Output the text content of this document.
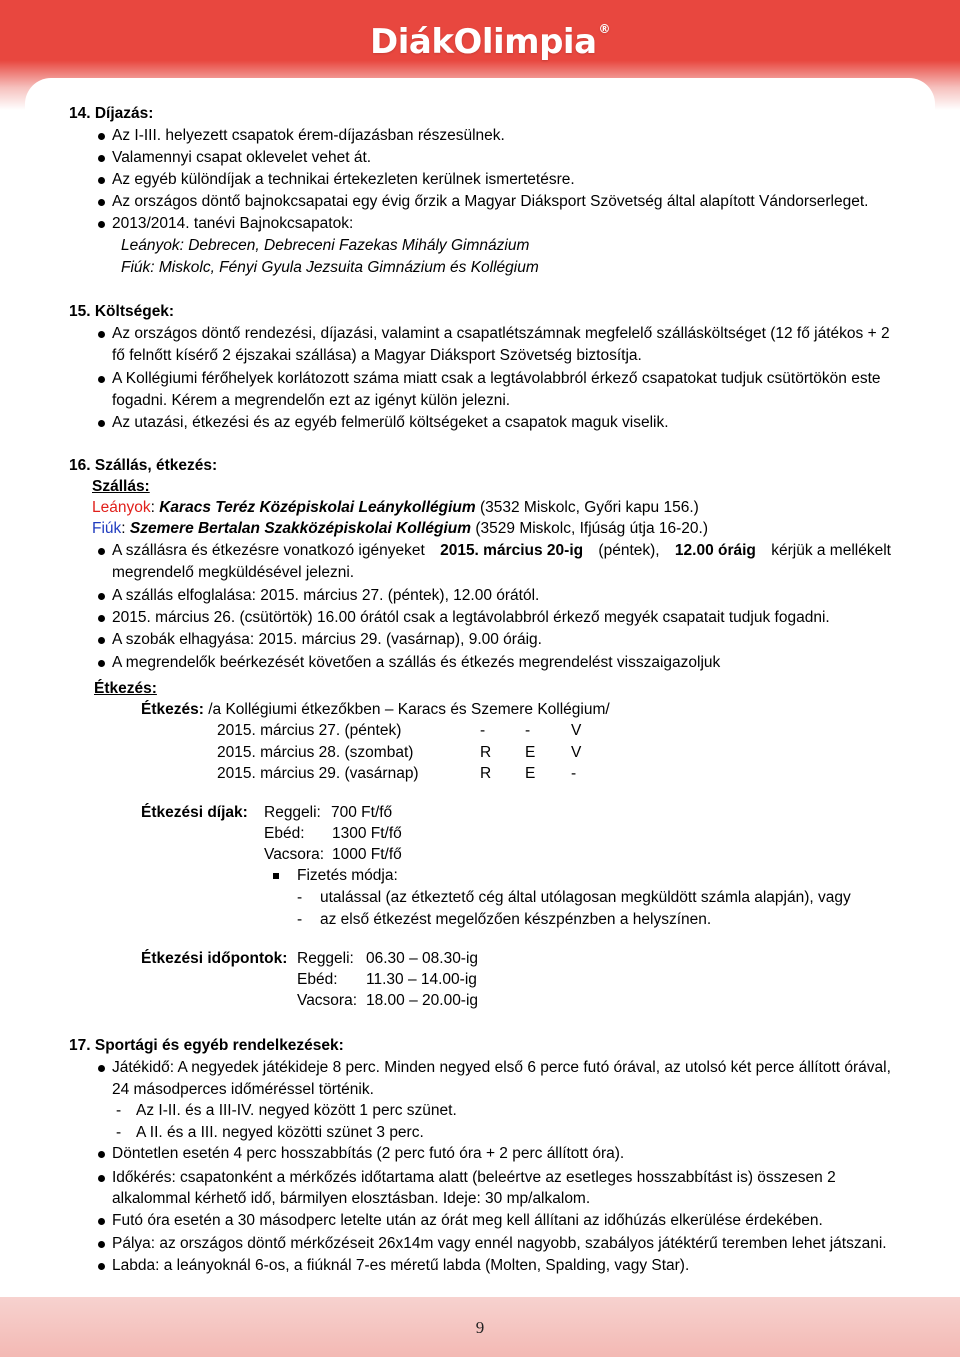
DiákOlimpia ®
14. Díjazás:
Az I-III. helyezett csapatok érem-díjazásban részesülnek.
Valamennyi csapat oklevelet vehet át.
Az egyéb különdíjak a technikai értekezleten kerülnek ismertetésre.
Az országos döntő bajnokcsapatai egy évig őrzik a Magyar Diáksport Szövetség által alapított Vándorserleget.
2013/2014. tanévi Bajnokcsapatok:
Leányok: Debrecen, Debreceni Fazekas Mihály Gimnázium
Fiúk: Miskolc, Fényi Gyula Jezsuita Gimnázium és Kollégium
15. Költségek:
Az országos döntő rendezési, díjazási, valamint a csapatlétszámnak megfelelő szállásköltséget (12 fő játékos + 2
fő felnőtt kísérő 2 éjszakai szállása) a Magyar Diáksport Szövetség biztosítja.
A Kollégiumi férőhelyek korlátozott száma miatt csak a legtávolabbról érkező csapatokat tudjuk csütörtökön este
fogadni. Kérem a megrendelőn ezt az igényt külön jelezni.
Az utazási, étkezési és az egyéb felmerülő költségeket a csapatok maguk viselik.
16. Szállás, étkezés:
Szállás:
Leányok: Karacs Teréz Középiskolai Leánykollégium (3532 Miskolc, Győri kapu 156.)
Fiúk: Szemere Bertalan Szakközépiskolai Kollégium (3529 Miskolc, Ifjúság útja 16-20.)
A szállásra és étkezésre vonatkozó igényeket 2015. március 20-ig (péntek), 12.00 óráig kérjük a mellékelt
megrendelő megküldésével jelezni.
A szállás elfoglalása: 2015. március 27. (péntek), 12.00 órától.
2015. március 26. (csütörtök) 16.00 órától csak a legtávolabbról érkező megyék csapatait tudjuk fogadni.
A szobák elhagyása: 2015. március 29. (vasárnap), 9.00 óráig.
A megrendelők beérkezését követően a szállás és étkezés megrendelést visszaigazoljuk
Étkezés:
Étkezés: /a Kollégiumi étkezőkben – Karacs és Szemere Kollégium/
2015. március 27. (péntek)	-	-	V
2015. március 28. (szombat)	R E V
2015. március 29. (vasárnap)	R E -
Étkezési díjak: Reggeli: 700 Ft/fő
Ebéd: 1300 Ft/fő
Vacsora: 1000 Ft/fő
Fizetés módja:
- utalással (az étkeztető cég által utólagosan megküldött számla alapján), vagy
- az első étkezést megelőzően készpénzben a helyszínen.
Étkezési időpontok: Reggeli: 06.30 – 08.30-ig
Ebéd: 11.30 – 14.00-ig
Vacsora: 18.00 – 20.00-ig
17. Sportági és egyéb rendelkezések:
Játékidő: A negyedek játékideje 8 perc. Minden negyed első 6 perce futó órával, az utolsó két perce állított órával,
24 másodperces időméréssel történik.
- Az I-II. és a III-IV. negyed között 1 perc szünet.
- A II. és a III. negyed közötti szünet 3 perc.
Döntetlen esetén 4 perc hosszabbítás (2 perc futó óra + 2 perc állított óra).
Időkérés: csapatonként a mérkőzés időtartama alatt (beleértve az esetleges hosszabbítást is) összesen 2
alkalommal kérhető idő, bármilyen elosztásban. Ideje: 30 mp/alkalom.
Futó óra esetén a 30 másodperc letelte után az órát meg kell állítani az időhúzás elkerülése érdekében.
Pálya: az országos döntő mérkőzéseit 26x14m vagy ennél nagyobb, szabályos játéktérű teremben lehet játszani.
Labda: a leányoknál 6-os, a fiúknál 7-es méretű labda (Molten, Spalding, vagy Star).
9
